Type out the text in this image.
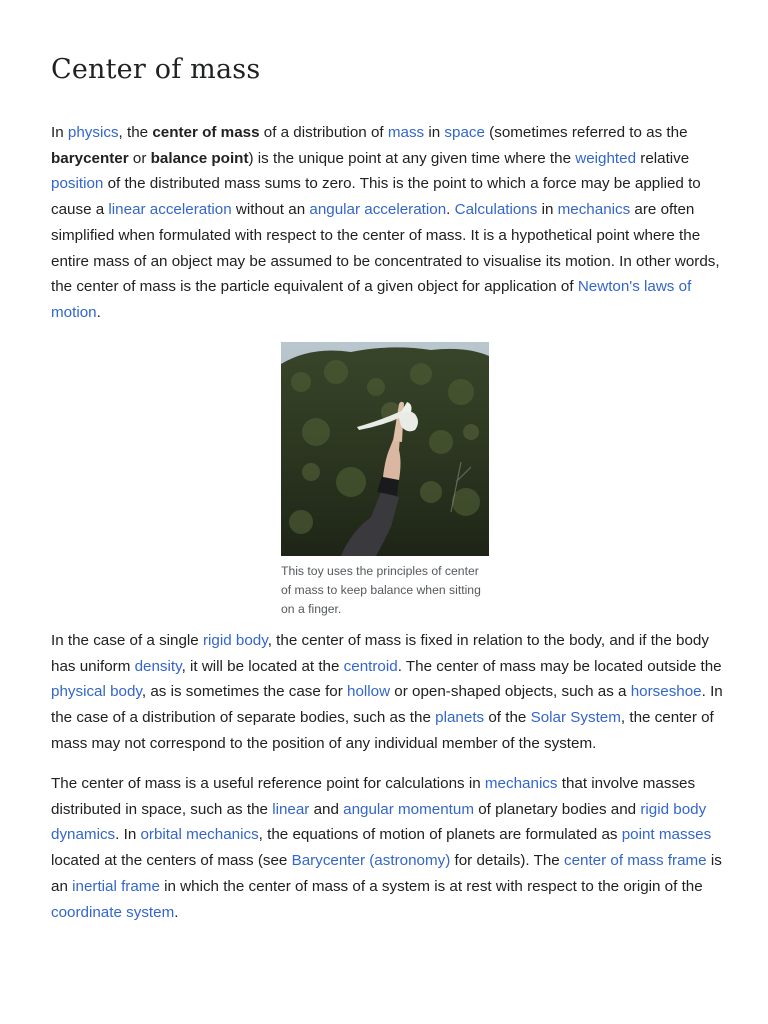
Center of mass

In physics, the center of mass of a distribution of mass in space (sometimes referred to as the barycenter or balance point) is the unique point at any given time where the weighted relative position of the distributed mass sums to zero. This is the point to which a force may be applied to cause a linear acceleration without an angular acceleration. Calculations in mechanics are often simplified when formulated with respect to the center of mass. It is a hypothetical point where the entire mass of an object may be assumed to be concentrated to visualise its motion. In other words, the center of mass is the particle equivalent of a given object for application of Newton's laws of motion.

This toy uses the principles of center of mass to keep balance when sitting on a finger.

In the case of a single rigid body, the center of mass is fixed in relation to the body, and if the body has uniform density, it will be located at the centroid. The center of mass may be located outside the physical body, as is sometimes the case for hollow or open-shaped objects, such as a horseshoe. In the case of a distribution of separate bodies, such as the planets of the Solar System, the center of mass may not correspond to the position of any individual member of the system.

The center of mass is a useful reference point for calculations in mechanics that involve masses distributed in space, such as the linear and angular momentum of planetary bodies and rigid body dynamics. In orbital mechanics, the equations of motion of planets are formulated as point masses located at the centers of mass (see Barycenter (astronomy) for details). The center of mass frame is an inertial frame in which the center of mass of a system is at rest with respect to the origin of the coordinate system.
